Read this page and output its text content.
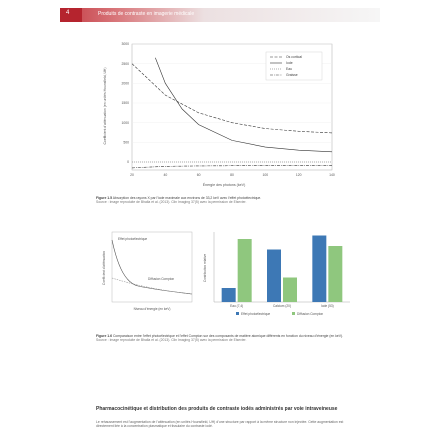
4	Produits de contraste en imagerie médicale
Coefficient d’atténuation (en unités Hounsfield, UH)
0
500
1000
1500
2000
2500
3000
20	40	60	80	100	120	140
Os cortical
Iode
Eau
Graisse
Énergie des photons (keV)
Figure 1.5 Absorption des rayons X par l’iode maximale aux environs de 33,2 keV avec l’effet photoélectrique.
Source : Image reproduite de Bhalla et al. (2013). Clin Imaging 37(5) avec la permission de Elsevier.
Coefficient d’atténuation
Effet photoélectrique
Diffusion Compton
Niveau d’énergie (en keV)
Contribution relative
Eau (7,4)	Calcium (20)	Iode (53)
Effet photoélectrique	Diffusion Compton
Figure 1.6 Comparaison entre l’effet photoélectrique et l’effet Compton sur des composants de matière atomique différents en fonction du niveau d’énergie (en keV).
Source : Image reproduite de Bhalla et al. (2013). Clin Imaging 37(5) avec la permission de Elsevier.
Pharmacocinétique et distribution des produits de contraste iodés administrés par voie intraveineuse
Le rehaussement est l’augmentation de l’atténuation (en unités Hounsfield, UH) d’une structure par rapport à la même structure non injectée. Cette augmentation est directement liée à la concentration plasmatique et tissulaire du contraste iodé.
